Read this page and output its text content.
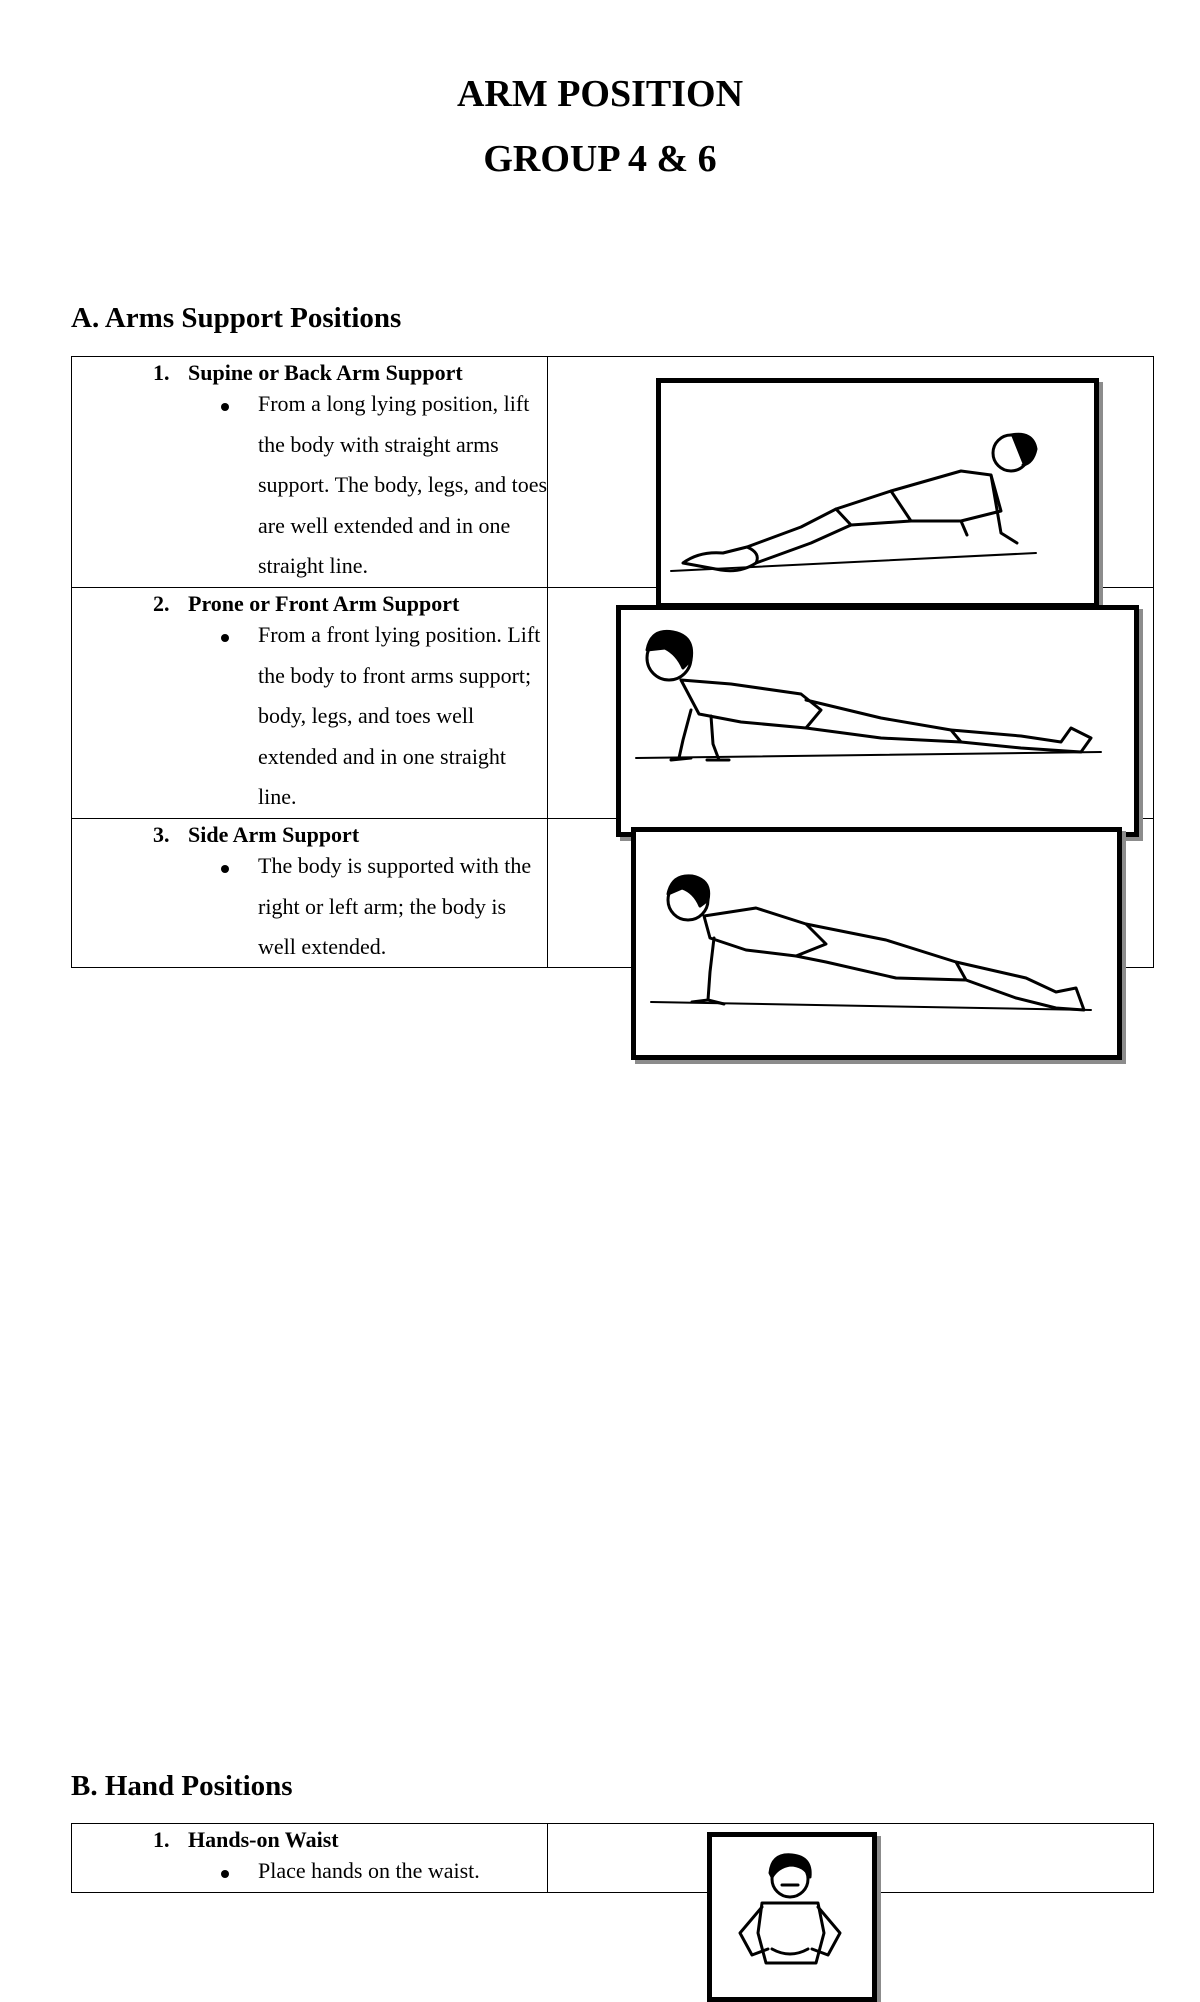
ARM POSITION
GROUP 4 & 6
A. Arms Support Positions
1. Supine or Back Arm Support

From a long lying position, lift the body with straight arms support. The body, legs, and toes are well extended and in one straight line.

2. Prone or Front Arm Support

From a front lying position. Lift the body to front arms support; body, legs, and toes well extended and in one straight line.

3. Side Arm Support

The body is supported with the right or left arm; the body is well extended.

B. Hand Positions
1. Hands-on Waist

Place hands on the waist.
